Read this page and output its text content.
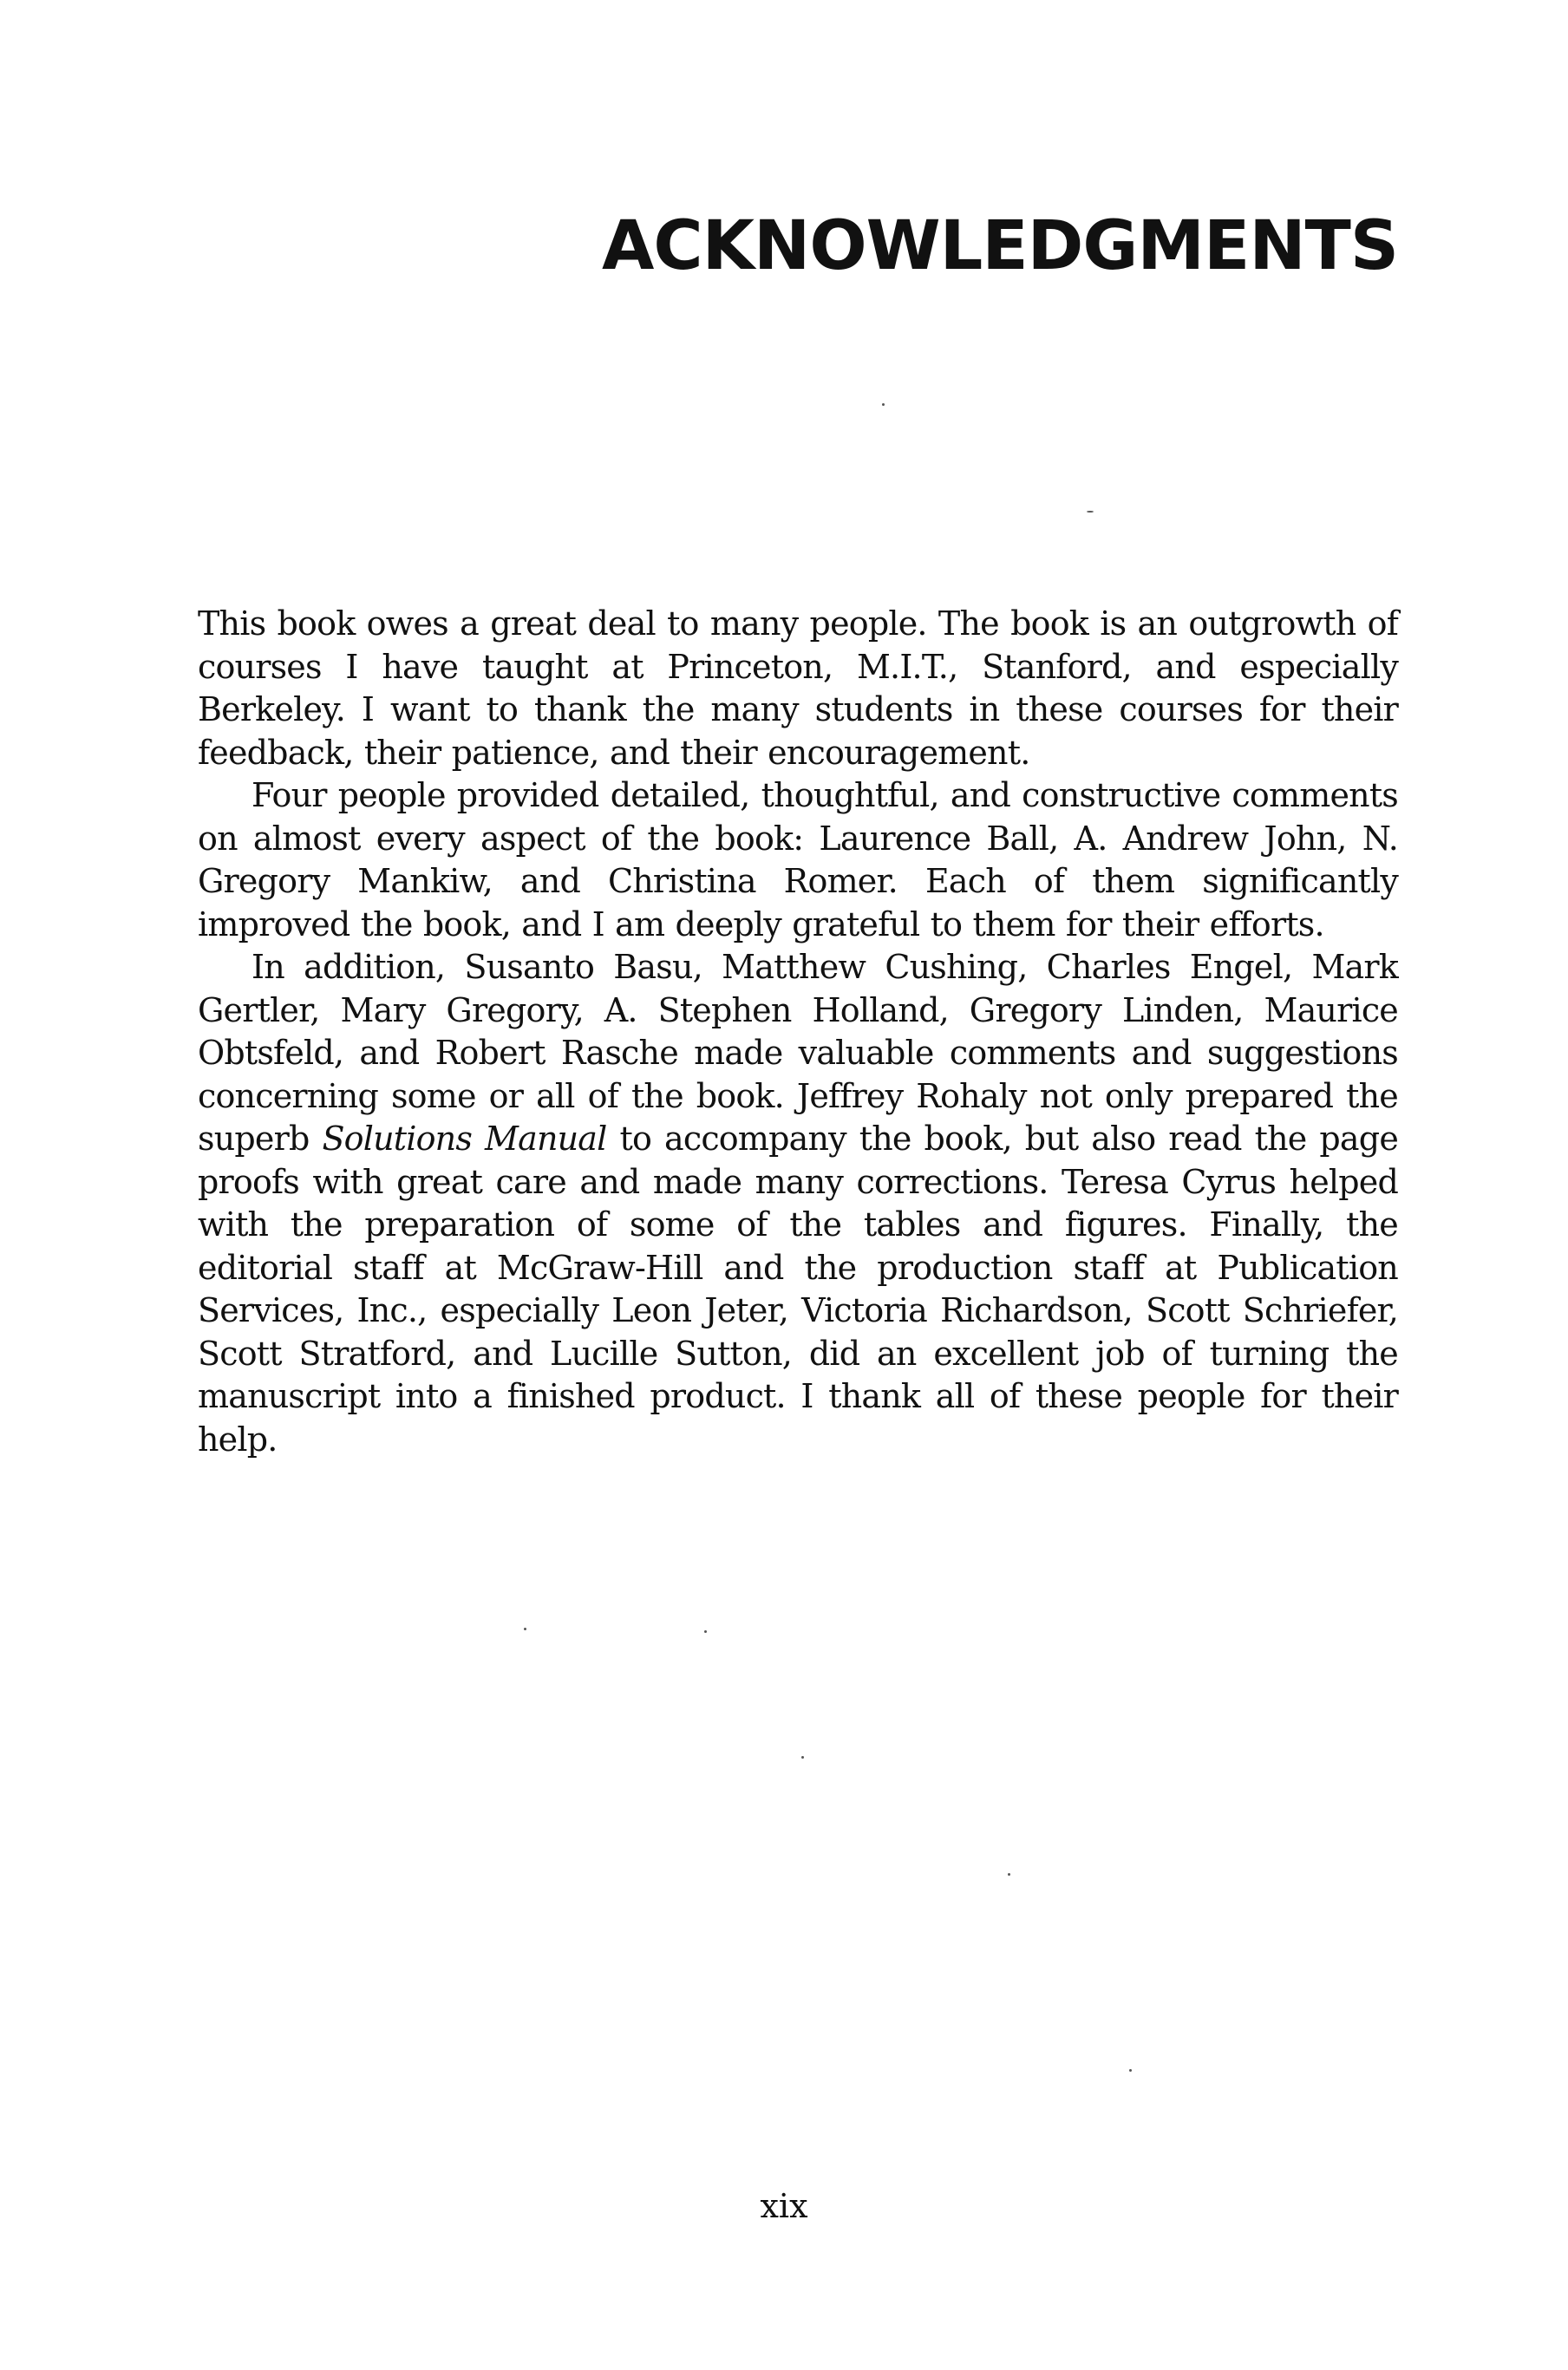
ACKNOWLEDGMENTS

This book owes a great deal to many people. The book is an outgrowth of courses I have taught at Princeton, M.I.T., Stanford, and especially Berkeley. I want to thank the many students in these courses for their feedback, their patience, and their encouragement.

Four people provided detailed, thoughtful, and constructive comments on almost every aspect of the book: Laurence Ball, A. Andrew John, N. Gregory Mankiw, and Christina Romer. Each of them significantly improved the book, and I am deeply grateful to them for their efforts.

In addition, Susanto Basu, Matthew Cushing, Charles Engel, Mark Gertler, Mary Gregory, A. Stephen Holland, Gregory Linden, Maurice Obtsfeld, and Robert Rasche made valuable comments and suggestions concerning some or all of the book. Jeffrey Rohaly not only prepared the superb Solutions Manual to accompany the book, but also read the page proofs with great care and made many corrections. Teresa Cyrus helped with the preparation of some of the tables and figures. Finally, the editorial staff at McGraw-Hill and the production staff at Publication Services, Inc., especially Leon Jeter, Victoria Richardson, Scott Schriefer, Scott Stratford, and Lucille Sutton, did an excellent job of turning the manuscript into a finished product. I thank all of these people for their help.

xix
